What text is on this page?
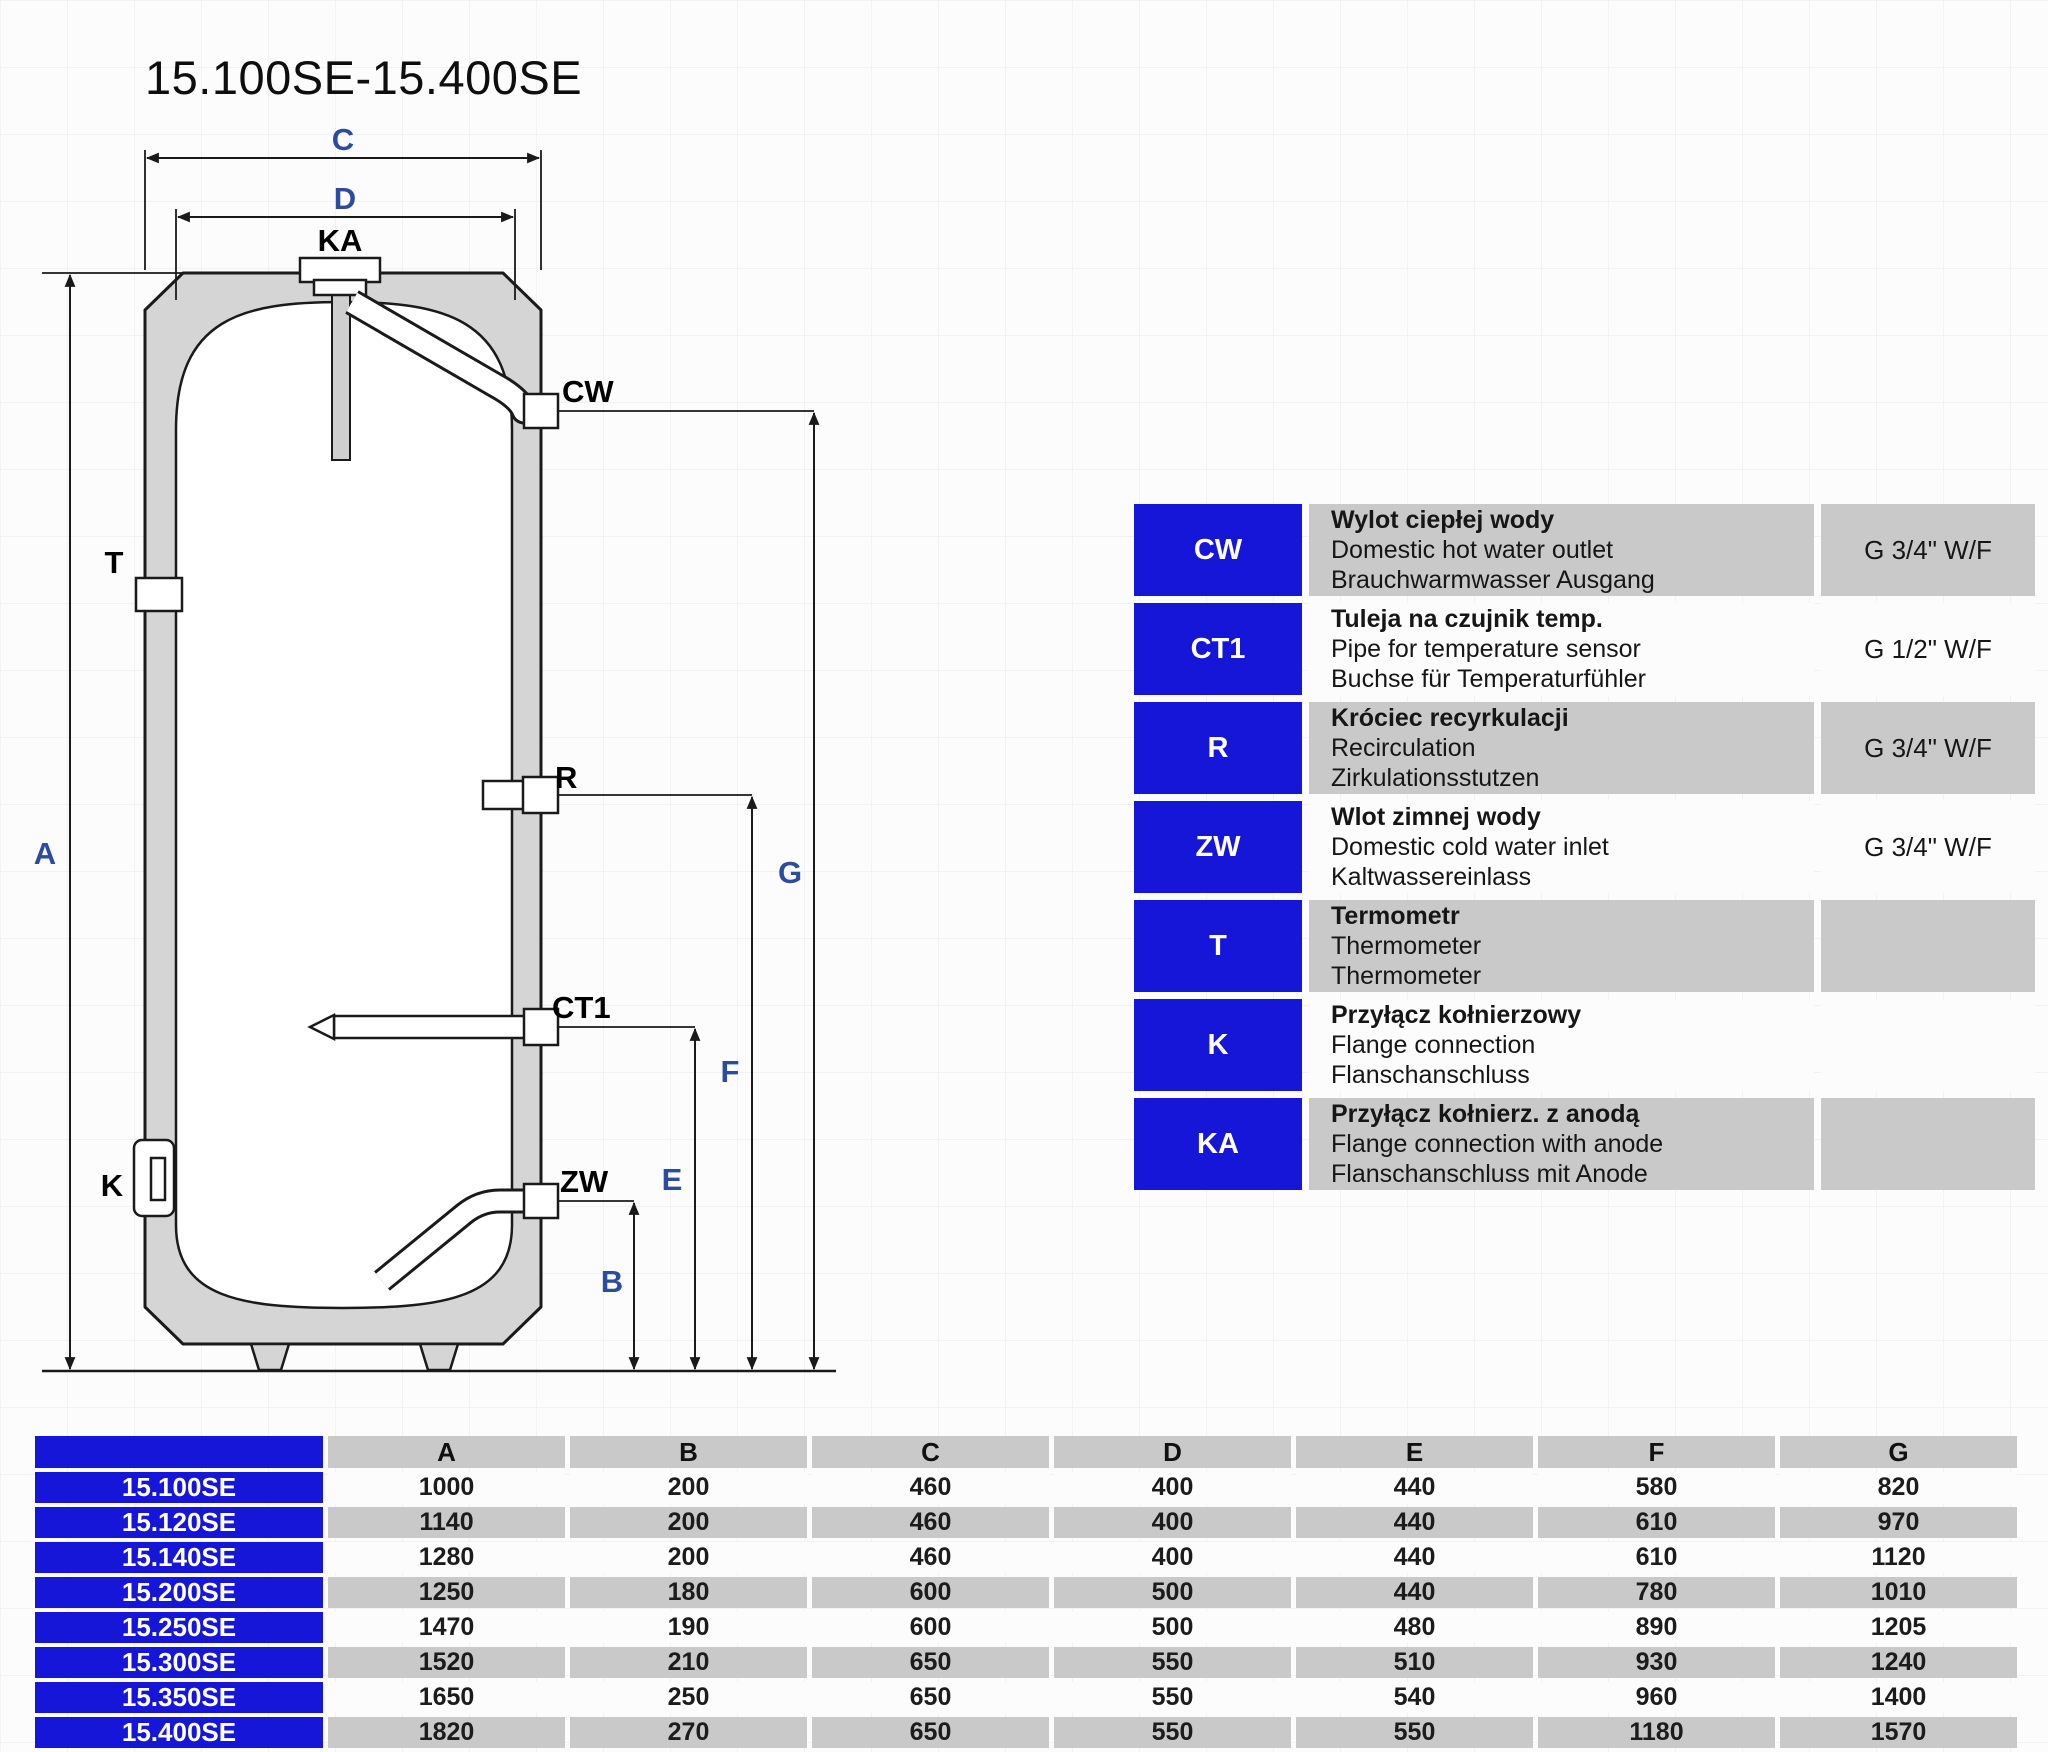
15.100SE-15.400SE
C
D
A
G
F
E
B
KA
CW
T
R
CT1
K	ZW
CW	Wylot ciepłej wody
Domestic hot water outlet
Brauchwarmwasser Ausgang	G 3/4" W/F
CT1	Tuleja na czujnik temp.
Pipe for temperature sensor
Buchse für Temperaturfühler	G 1/2" W/F
R	Króciec recyrkulacji
Recirculation
Zirkulationsstutzen	G 3/4" W/F
ZW	Wlot zimnej wody
Domestic cold water inlet
Kaltwassereinlass	G 3/4" W/F
T	Termometr
Thermometer
Thermometer	

K	Przyłącz kołnierzowy
Flange connection
Flanschanschluss	

KA	Przyłącz kołnierz. z anodą
Flange connection with anode
Flanschanschluss mit Anode	

	A	B	C	D	E	F	G
15.100SE	1000	200	460	400	440	580	820
15.120SE	1140	200	460	400	440	610	970
15.140SE	1280	200	460	400	440	610	1120
15.200SE	1250	180	600	500	440	780	1010
15.250SE	1470	190	600	500	480	890	1205
15.300SE	1520	210	650	550	510	930	1240
15.350SE	1650	250	650	550	540	960	1400
15.400SE	1820	270	650	550	550	1180	1570
